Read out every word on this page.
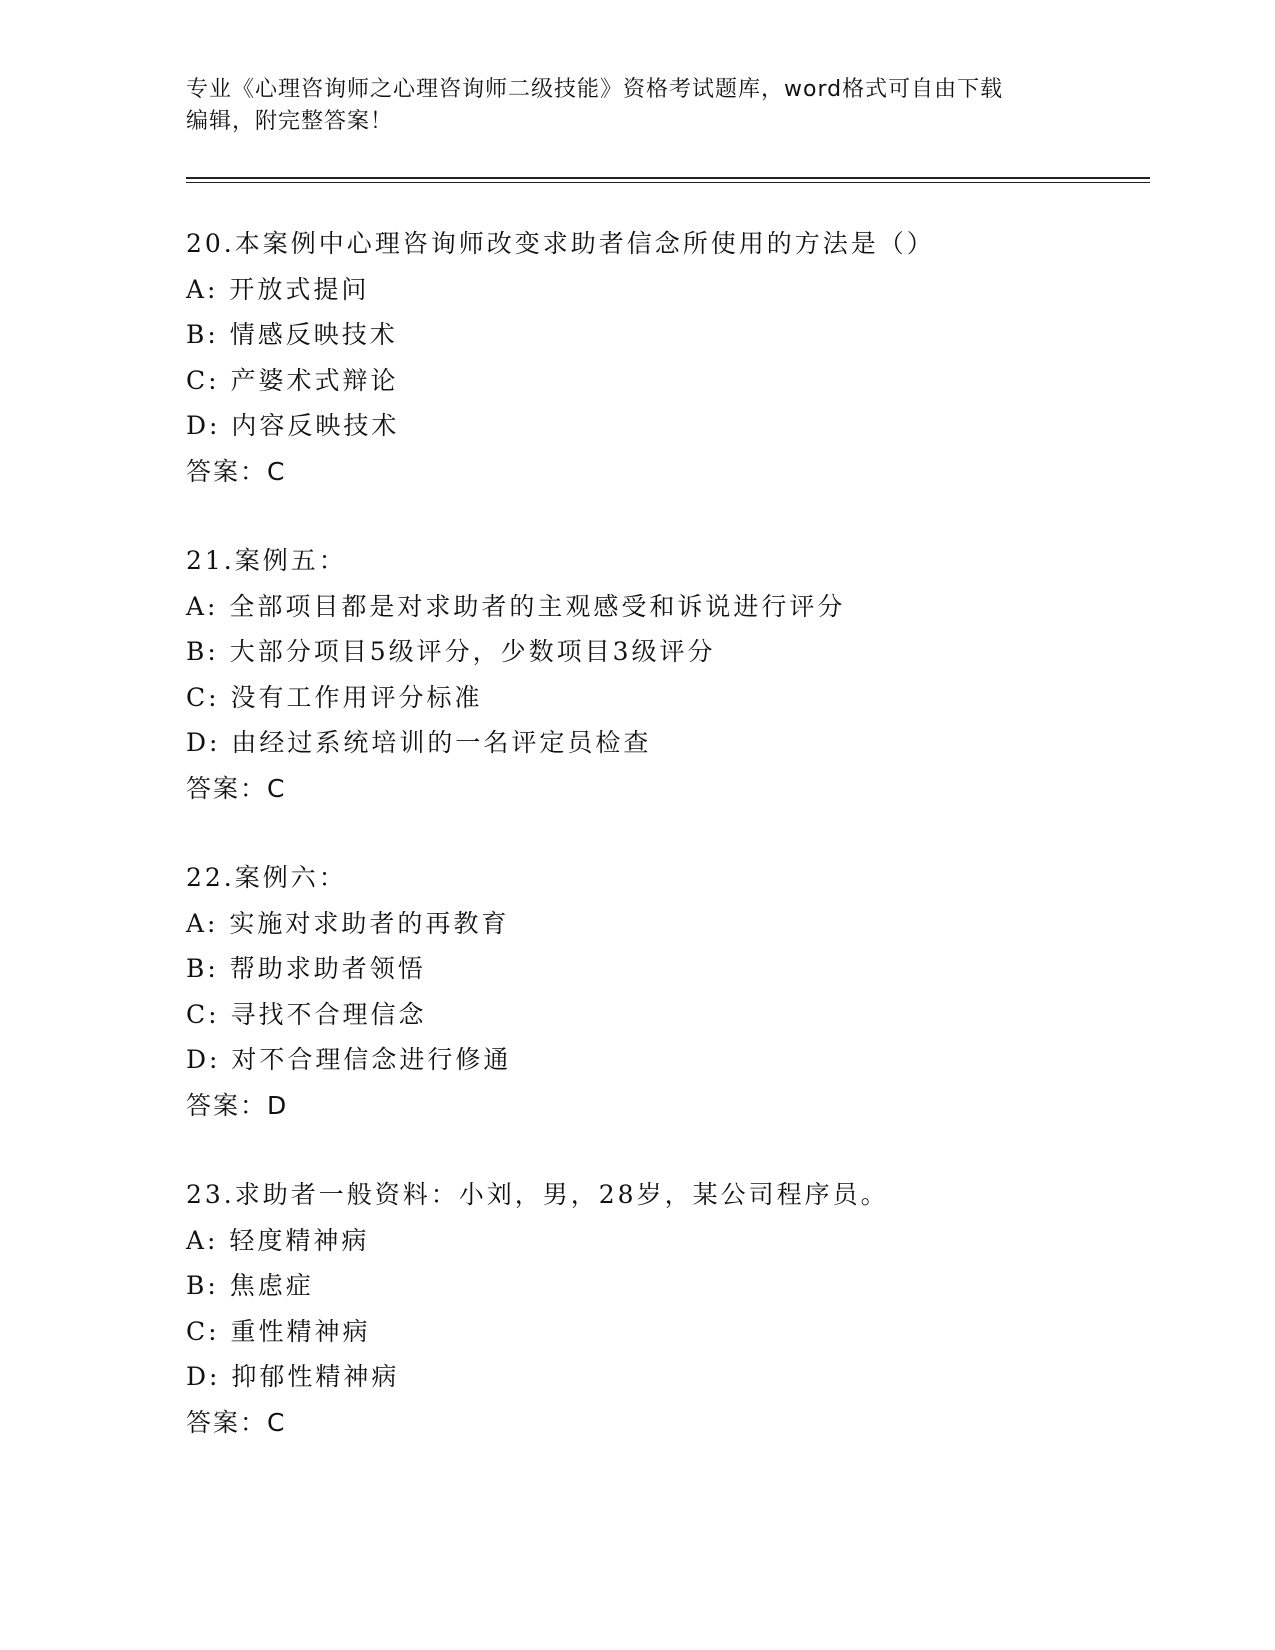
专业《心理咨询师之心理咨询师二级技能》资格考试题库，word格式可自由下载
编辑，附完整答案！
20.本案例中心理咨询师改变求助者信念所使用的方法是（）
A: 开放式提问
B: 情感反映技术
C: 产婆术式辩论
D: 内容反映技术
答案：C
21.案例五：
A: 全部项目都是对求助者的主观感受和诉说进行评分
B: 大部分项目5级评分，少数项目3级评分
C: 没有工作用评分标准
D: 由经过系统培训的一名评定员检查
答案：C
22.案例六：
A: 实施对求助者的再教育
B: 帮助求助者领悟
C: 寻找不合理信念
D: 对不合理信念进行修通
答案：D
23.求助者一般资料：小刘，男，28岁，某公司程序员。
A: 轻度精神病
B: 焦虑症
C: 重性精神病
D: 抑郁性精神病
答案：C
